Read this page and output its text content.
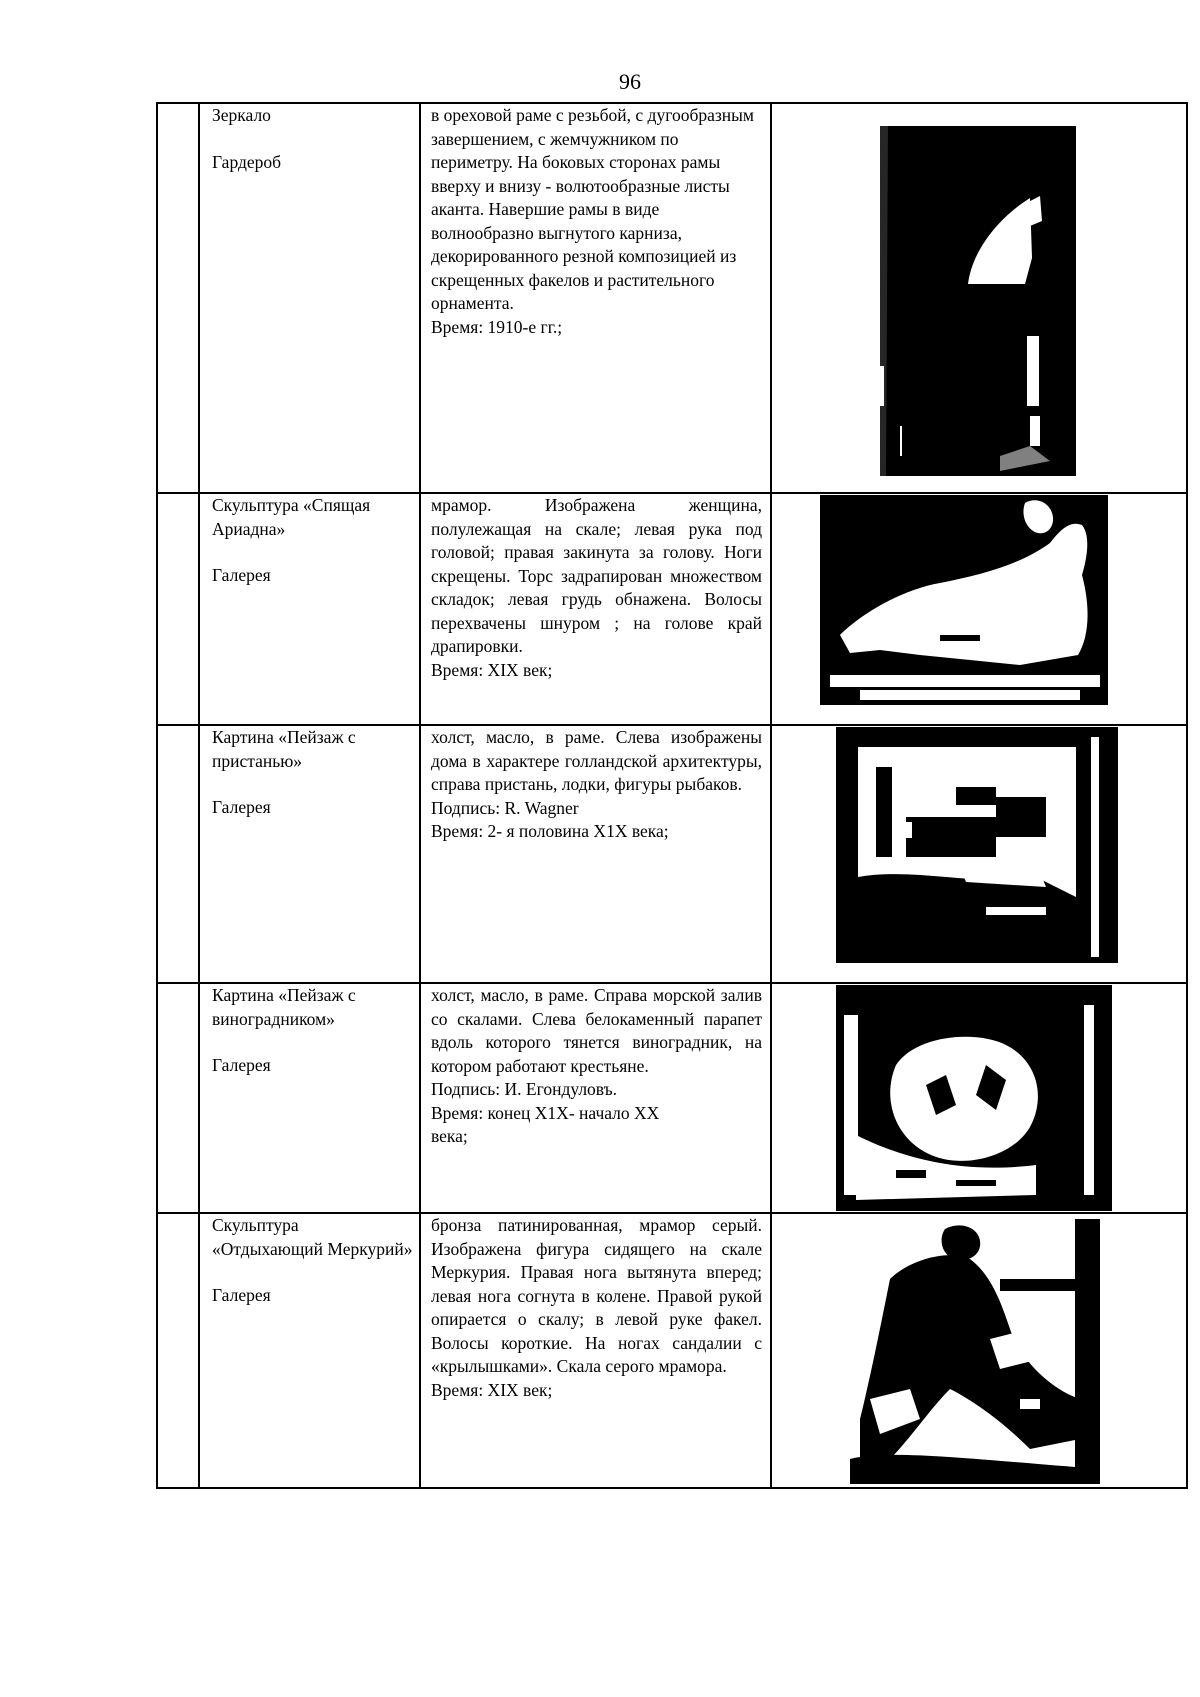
96

	Зеркало
Гардероб	в ореховой раме с резьбой, с дугообразным завершением, с жемчужником по периметру. На боковых сторонах рамы вверху и внизу - волютообразные листы аканта. Навершие рамы в виде волнообразно выгнутого карниза, декорированного резной композицией из скрещенных факелов и растительного орнамента.
Время: 1910-е гг.;

	Скульптура «Спящая Ариадна»
Галерея	мрамор. Изображена женщина, полулежащая на скале; левая рука под головой; правая закинута за голову. Ноги скрещены. Торс задрапирован множеством складок; левая грудь обнажена. Волосы перехвачены шнуром ; на голове край драпировки.
Время: XIX век;

	Картина «Пейзаж с пристанью»
Галерея	холст, масло, в раме. Слева изображены дома в характере голландской архитектуры, справа пристань, лодки, фигуры рыбаков.
Подпись: R. Wagner
Время: 2- я половина X1X века;

	Картина «Пейзаж с виноградником»
Галерея	холст, масло, в раме. Справа морской залив со скалами. Слева белокаменный парапет вдоль которого тянется виноградник, на котором работают крестьяне.
Подпись: И. Егондуловъ.
Время: конец X1X- начало XX века;

	Скульптура «Отдыхающий Меркурий»
Галерея	бронза патинированная, мрамор серый. Изображена фигура сидящего на скале Меркурия. Правая нога вытянута вперед; левая нога согнута в колене. Правой рукой опирается о скалу; в левой руке факел. Волосы короткие. На ногах сандалии с «крылышками». Скала серого мрамора.
Время: XIX век;
